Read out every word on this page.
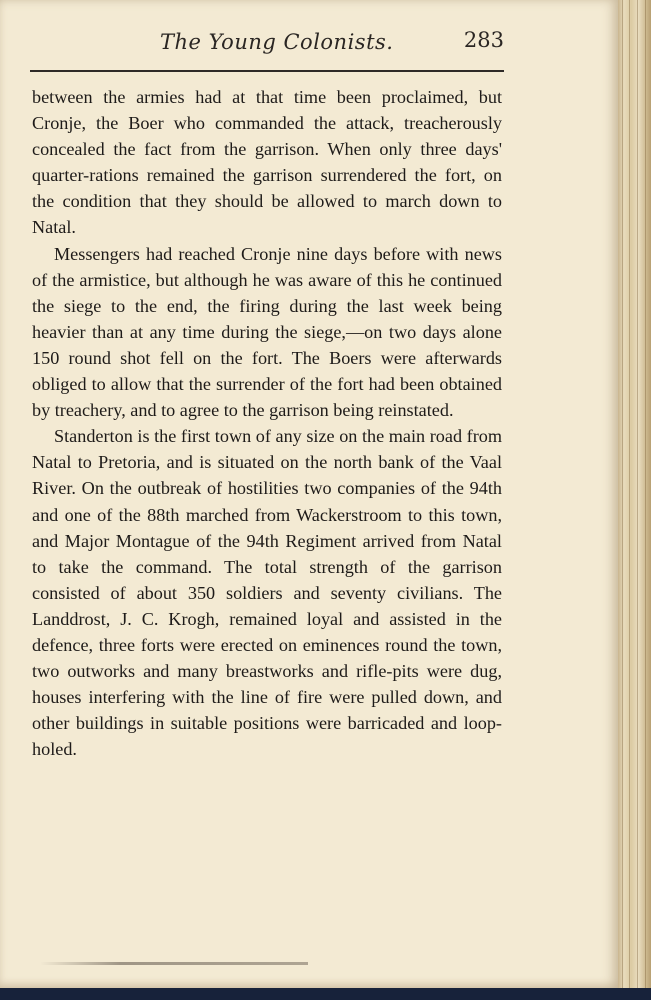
The Young Colonists.	283

between the armies had at that time been proclaimed, but Cronje, the Boer who commanded the attack, treacherously concealed the fact from the garrison. When only three days' quarter-rations remained the garrison surrendered the fort, on the condition that they should be allowed to march down to Natal.

Messengers had reached Cronje nine days before with news of the armistice, but although he was aware of this he continued the siege to the end, the firing during the last week being heavier than at any time during the siege,—on two days alone 150 round shot fell on the fort. The Boers were afterwards obliged to allow that the surrender of the fort had been obtained by treachery, and to agree to the garrison being reinstated.

Standerton is the first town of any size on the main road from Natal to Pretoria, and is situated on the north bank of the Vaal River. On the outbreak of hostilities two companies of the 94th and one of the 88th marched from Wackerstroom to this town, and Major Montague of the 94th Regiment arrived from Natal to take the command. The total strength of the garrison consisted of about 350 soldiers and seventy civilians. The Landdrost, J. C. Krogh, remained loyal and assisted in the defence, three forts were erected on eminences round the town, two outworks and many breastworks and rifle-pits were dug, houses interfering with the line of fire were pulled down, and other buildings in suitable positions were barricaded and loop-holed.
